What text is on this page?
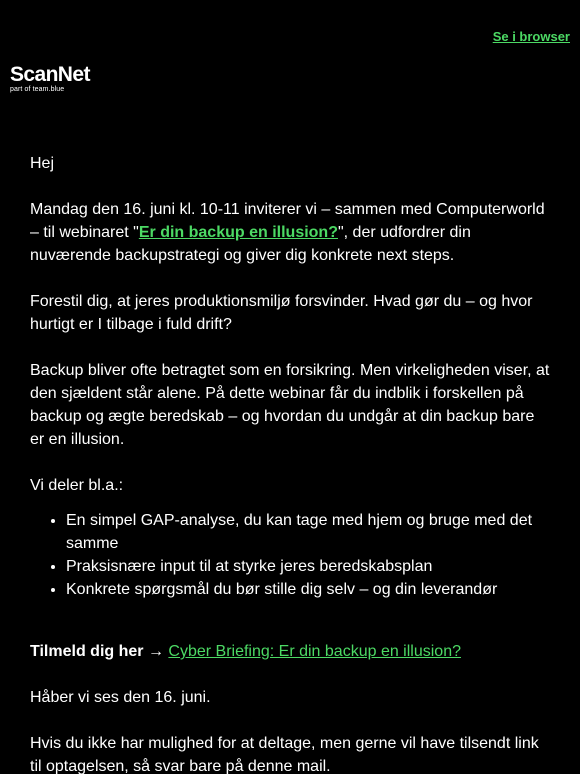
Se i browser
ScanNet
part of team.blue

Hej

Mandag den 16. juni kl. 10-11 inviterer vi – sammen med Computerworld – til webinaret "Er din backup en illusion?", der udfordrer din nuværende backupstrategi og giver dig konkrete next steps.

Forestil dig, at jeres produktionsmiljø forsvinder. Hvad gør du – og hvor hurtigt er I tilbage i fuld drift?

Backup bliver ofte betragtet som en forsikring. Men virkeligheden viser, at den sjældent står alene. På dette webinar får du indblik i forskellen på backup og ægte beredskab – og hvordan du undgår at din backup bare er en illusion.

Vi deler bl.a.:

• En simpel GAP-analyse, du kan tage med hjem og bruge med det samme
• Praksisnære input til at styrke jeres beredskabsplan
• Konkrete spørgsmål du bør stille dig selv – og din leverandør

Tilmeld dig her → Cyber Briefing: Er din backup en illusion?

Håber vi ses den 16. juni.

Hvis du ikke har mulighed for at deltage, men gerne vil have tilsendt link til optagelsen, så svar bare på denne mail.
